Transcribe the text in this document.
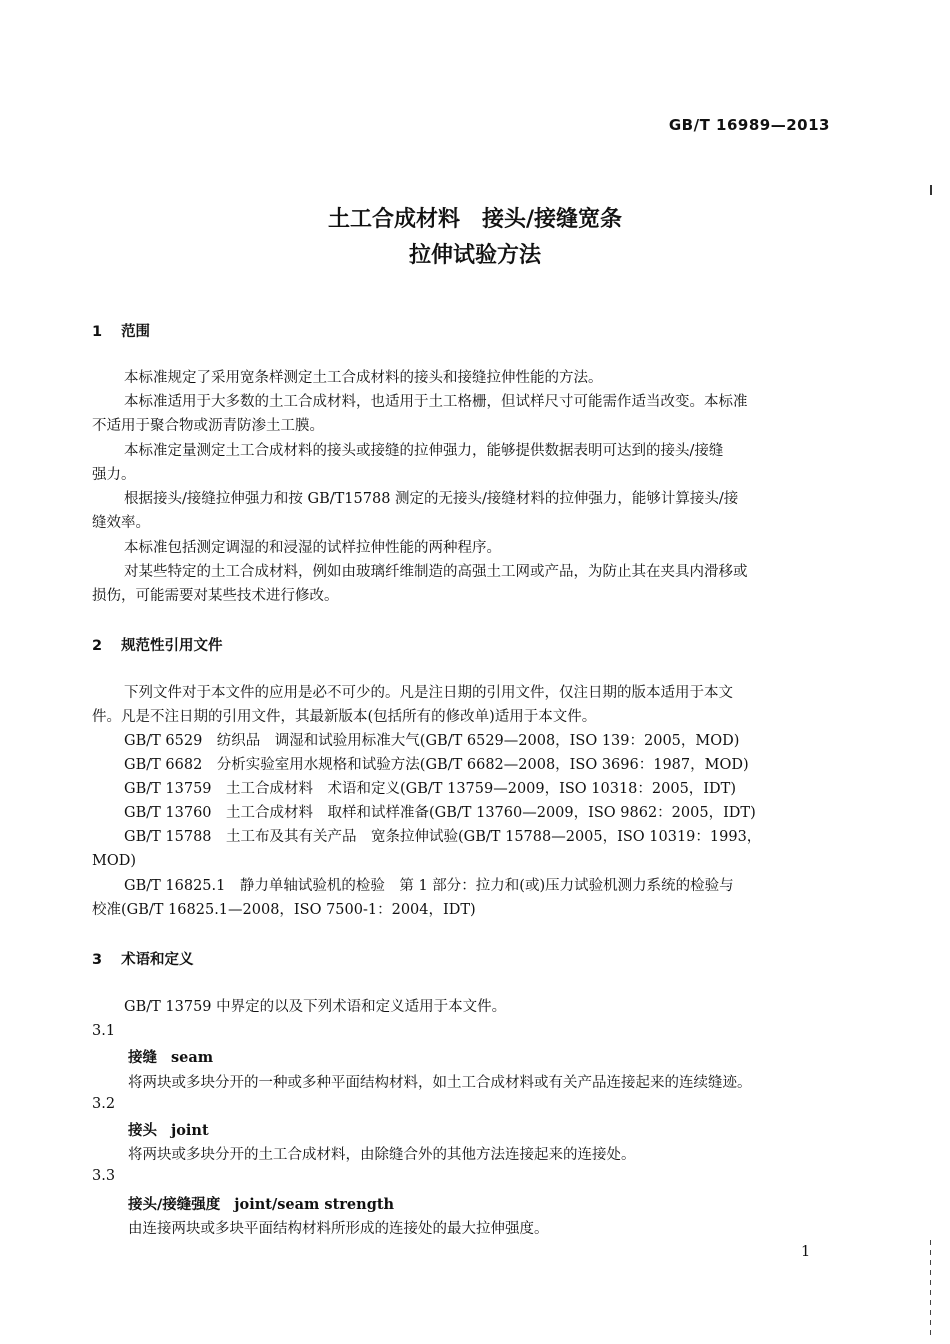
GB/T 16989—2013
土工合成材料　接头/接缝宽条
拉伸试验方法
1 范围
本标准规定了采用宽条样测定土工合成材料的接头和接缝拉伸性能的方法。
本标准适用于大多数的土工合成材料，也适用于土工格栅，但试样尺寸可能需作适当改变。本标准
不适用于聚合物或沥青防渗土工膜。
本标准定量测定土工合成材料的接头或接缝的拉伸强力，能够提供数据表明可达到的接头/接缝
强力。
根据接头/接缝拉伸强力和按 GB/T15788 测定的无接头/接缝材料的拉伸强力，能够计算接头/接
缝效率。
本标准包括测定调湿的和浸湿的试样拉伸性能的两种程序。
对某些特定的土工合成材料，例如由玻璃纤维制造的高强土工网或产品，为防止其在夹具内滑移或
损伤，可能需要对某些技术进行修改。
2 规范性引用文件
下列文件对于本文件的应用是必不可少的。凡是注日期的引用文件，仅注日期的版本适用于本文
件。凡是不注日期的引用文件，其最新版本(包括所有的修改单)适用于本文件。
GB/T 6529　纺织品　调湿和试验用标准大气(GB/T 6529—2008，ISO 139：2005，MOD)
GB/T 6682　分析实验室用水规格和试验方法(GB/T 6682—2008，ISO 3696：1987，MOD)
GB/T 13759　土工合成材料　术语和定义(GB/T 13759—2009，ISO 10318：2005，IDT)
GB/T 13760　土工合成材料　取样和试样准备(GB/T 13760—2009，ISO 9862：2005，IDT)
GB/T 15788　土工布及其有关产品　宽条拉伸试验(GB/T 15788—2005，ISO 10319：1993，
MOD)
GB/T 16825.1　静力单轴试验机的检验　第 1 部分：拉力和(或)压力试验机测力系统的检验与
校准(GB/T 16825.1—2008，ISO 7500-1：2004，IDT)
3 术语和定义
GB/T 13759 中界定的以及下列术语和定义适用于本文件。
3.1
接缝 seam
将两块或多块分开的一种或多种平面结构材料，如土工合成材料或有关产品连接起来的连续缝迹。
3.2
接头 joint
将两块或多块分开的土工合成材料，由除缝合外的其他方法连接起来的连接处。
3.3
接头/接缝强度 joint/seam strength
由连接两块或多块平面结构材料所形成的连接处的最大拉伸强度。
1
